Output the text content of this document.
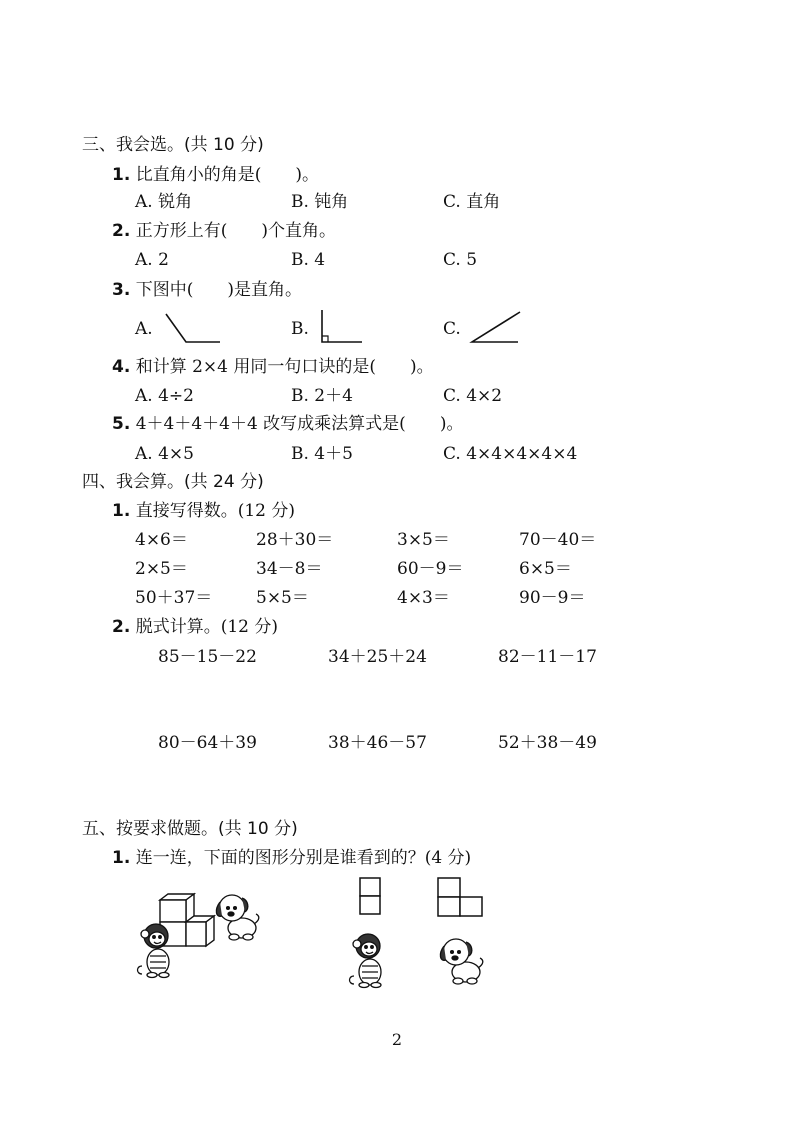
三、我会选。(共 10 分)
1. 比直角小的角是(　　)。
A. 锐角	B. 钝角	C. 直角
2. 正方形上有(　　)个直角。
A. 2	B. 4	C. 5
3. 下图中(　　)是直角。
A.	B.	C.
4. 和计算 2×4 用同一句口诀的是(　　)。
A. 4÷2	B. 2＋4	C. 4×2
5. 4＋4＋4＋4＋4 改写成乘法算式是(　　)。
A. 4×5	B. 4＋5	C. 4×4×4×4×4
四、我会算。(共 24 分)
1. 直接写得数。(12 分)
4×6＝	28＋30＝	3×5＝	70－40＝
2×5＝	34－8＝	60－9＝	6×5＝
50＋37＝	5×5＝	4×3＝	90－9＝
2. 脱式计算。(12 分)
85－15－22	34＋25＋24	82－11－17
80－64＋39	38＋46－57	52＋38－49
五、按要求做题。(共 10 分)
1. 连一连，下面的图形分别是谁看到的？(4 分)
2
